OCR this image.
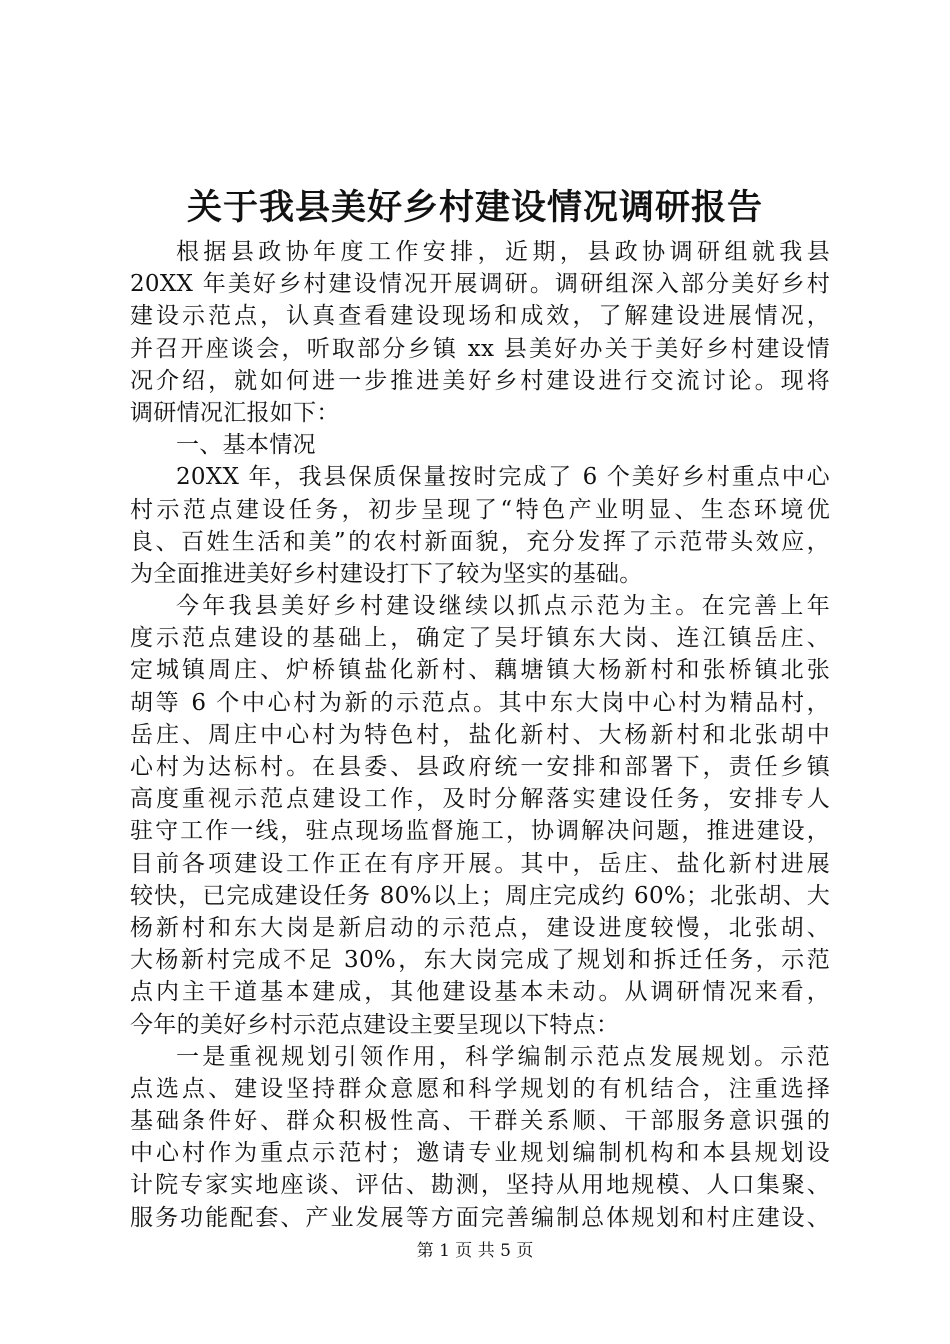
关于我县美好乡村建设情况调研报告
根据县政协年度工作安排，近期，县政协调研组就我县
20XX 年美好乡村建设情况开展调研。调研组深入部分美好乡村
建设示范点，认真查看建设现场和成效，了解建设进展情况，
并召开座谈会，听取部分乡镇 xx 县美好办关于美好乡村建设情
况介绍，就如何进一步推进美好乡村建设进行交流讨论。现将
调研情况汇报如下：
一、基本情况
20XX 年，我县保质保量按时完成了 6 个美好乡村重点中心
村示范点建设任务，初步呈现了“特色产业明显、生态环境优
良、百姓生活和美”的农村新面貌，充分发挥了示范带头效应，
为全面推进美好乡村建设打下了较为坚实的基础。
今年我县美好乡村建设继续以抓点示范为主。在完善上年
度示范点建设的基础上，确定了吴圩镇东大岗、连江镇岳庄、
定城镇周庄、炉桥镇盐化新村、藕塘镇大杨新村和张桥镇北张
胡等 6 个中心村为新的示范点。其中东大岗中心村为精品村，
岳庄、周庄中心村为特色村，盐化新村、大杨新村和北张胡中
心村为达标村。在县委、县政府统一安排和部署下，责任乡镇
高度重视示范点建设工作，及时分解落实建设任务，安排专人
驻守工作一线，驻点现场监督施工，协调解决问题，推进建设，
目前各项建设工作正在有序开展。其中，岳庄、盐化新村进展
较快，已完成建设任务 80%以上；周庄完成约 60%；北张胡、大
杨新村和东大岗是新启动的示范点，建设进度较慢，北张胡、
大杨新村完成不足 30%，东大岗完成了规划和拆迁任务，示范
点内主干道基本建成，其他建设基本未动。从调研情况来看，
今年的美好乡村示范点建设主要呈现以下特点：
一是重视规划引领作用，科学编制示范点发展规划。示范
点选点、建设坚持群众意愿和科学规划的有机结合，注重选择
基础条件好、群众积极性高、干群关系顺、干部服务意识强的
中心村作为重点示范村；邀请专业规划编制机构和本县规划设
计院专家实地座谈、评估、勘测，坚持从用地规模、人口集聚、
服务功能配套、产业发展等方面完善编制总体规划和村庄建设、
第 1 页 共 5 页
